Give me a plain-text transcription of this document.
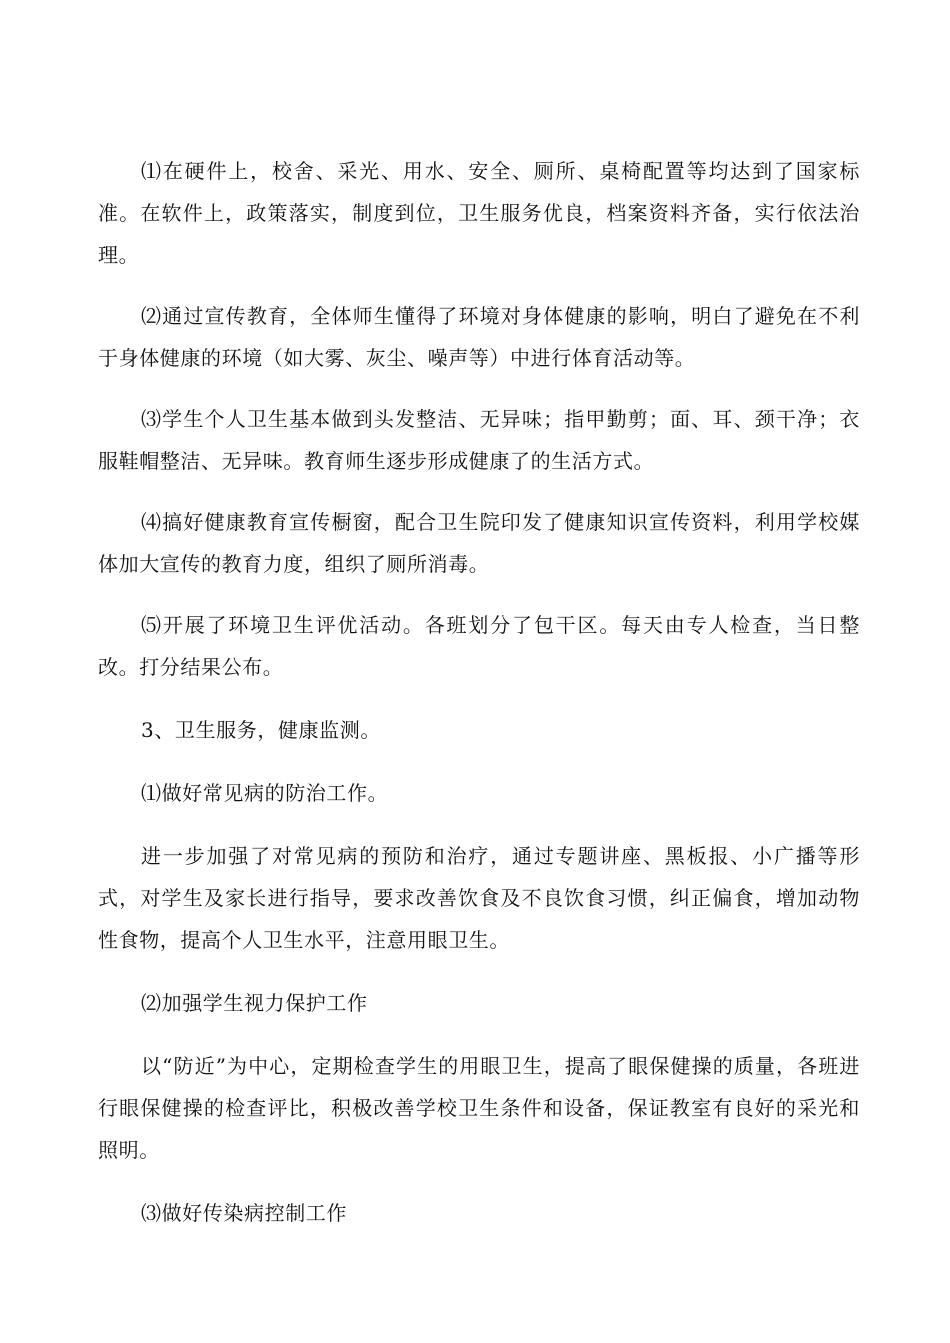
⑴在硬件上，校舍、采光、用水、安全、厕所、桌椅配置等均达到了国家标准。在软件上，政策落实，制度到位，卫生服务优良，档案资料齐备，实行依法治理。

⑵通过宣传教育，全体师生懂得了环境对身体健康的影响，明白了避免在不利于身体健康的环境（如大雾、灰尘、噪声等）中进行体育活动等。

⑶学生个人卫生基本做到头发整洁、无异味；指甲勤剪；面、耳、颈干净；衣服鞋帽整洁、无异味。教育师生逐步形成健康了的生活方式。

⑷搞好健康教育宣传橱窗，配合卫生院印发了健康知识宣传资料，利用学校媒体加大宣传的教育力度，组织了厕所消毒。

⑸开展了环境卫生评优活动。各班划分了包干区。每天由专人检查，当日整改。打分结果公布。

3、卫生服务，健康监测。

⑴做好常见病的防治工作。

进一步加强了对常见病的预防和治疗，通过专题讲座、黑板报、小广播等形式，对学生及家长进行指导，要求改善饮食及不良饮食习惯，纠正偏食，增加动物性食物，提高个人卫生水平，注意用眼卫生。

⑵加强学生视力保护工作

以“防近”为中心，定期检查学生的用眼卫生，提高了眼保健操的质量，各班进行眼保健操的检查评比，积极改善学校卫生条件和设备，保证教室有良好的采光和照明。

⑶做好传染病控制工作
